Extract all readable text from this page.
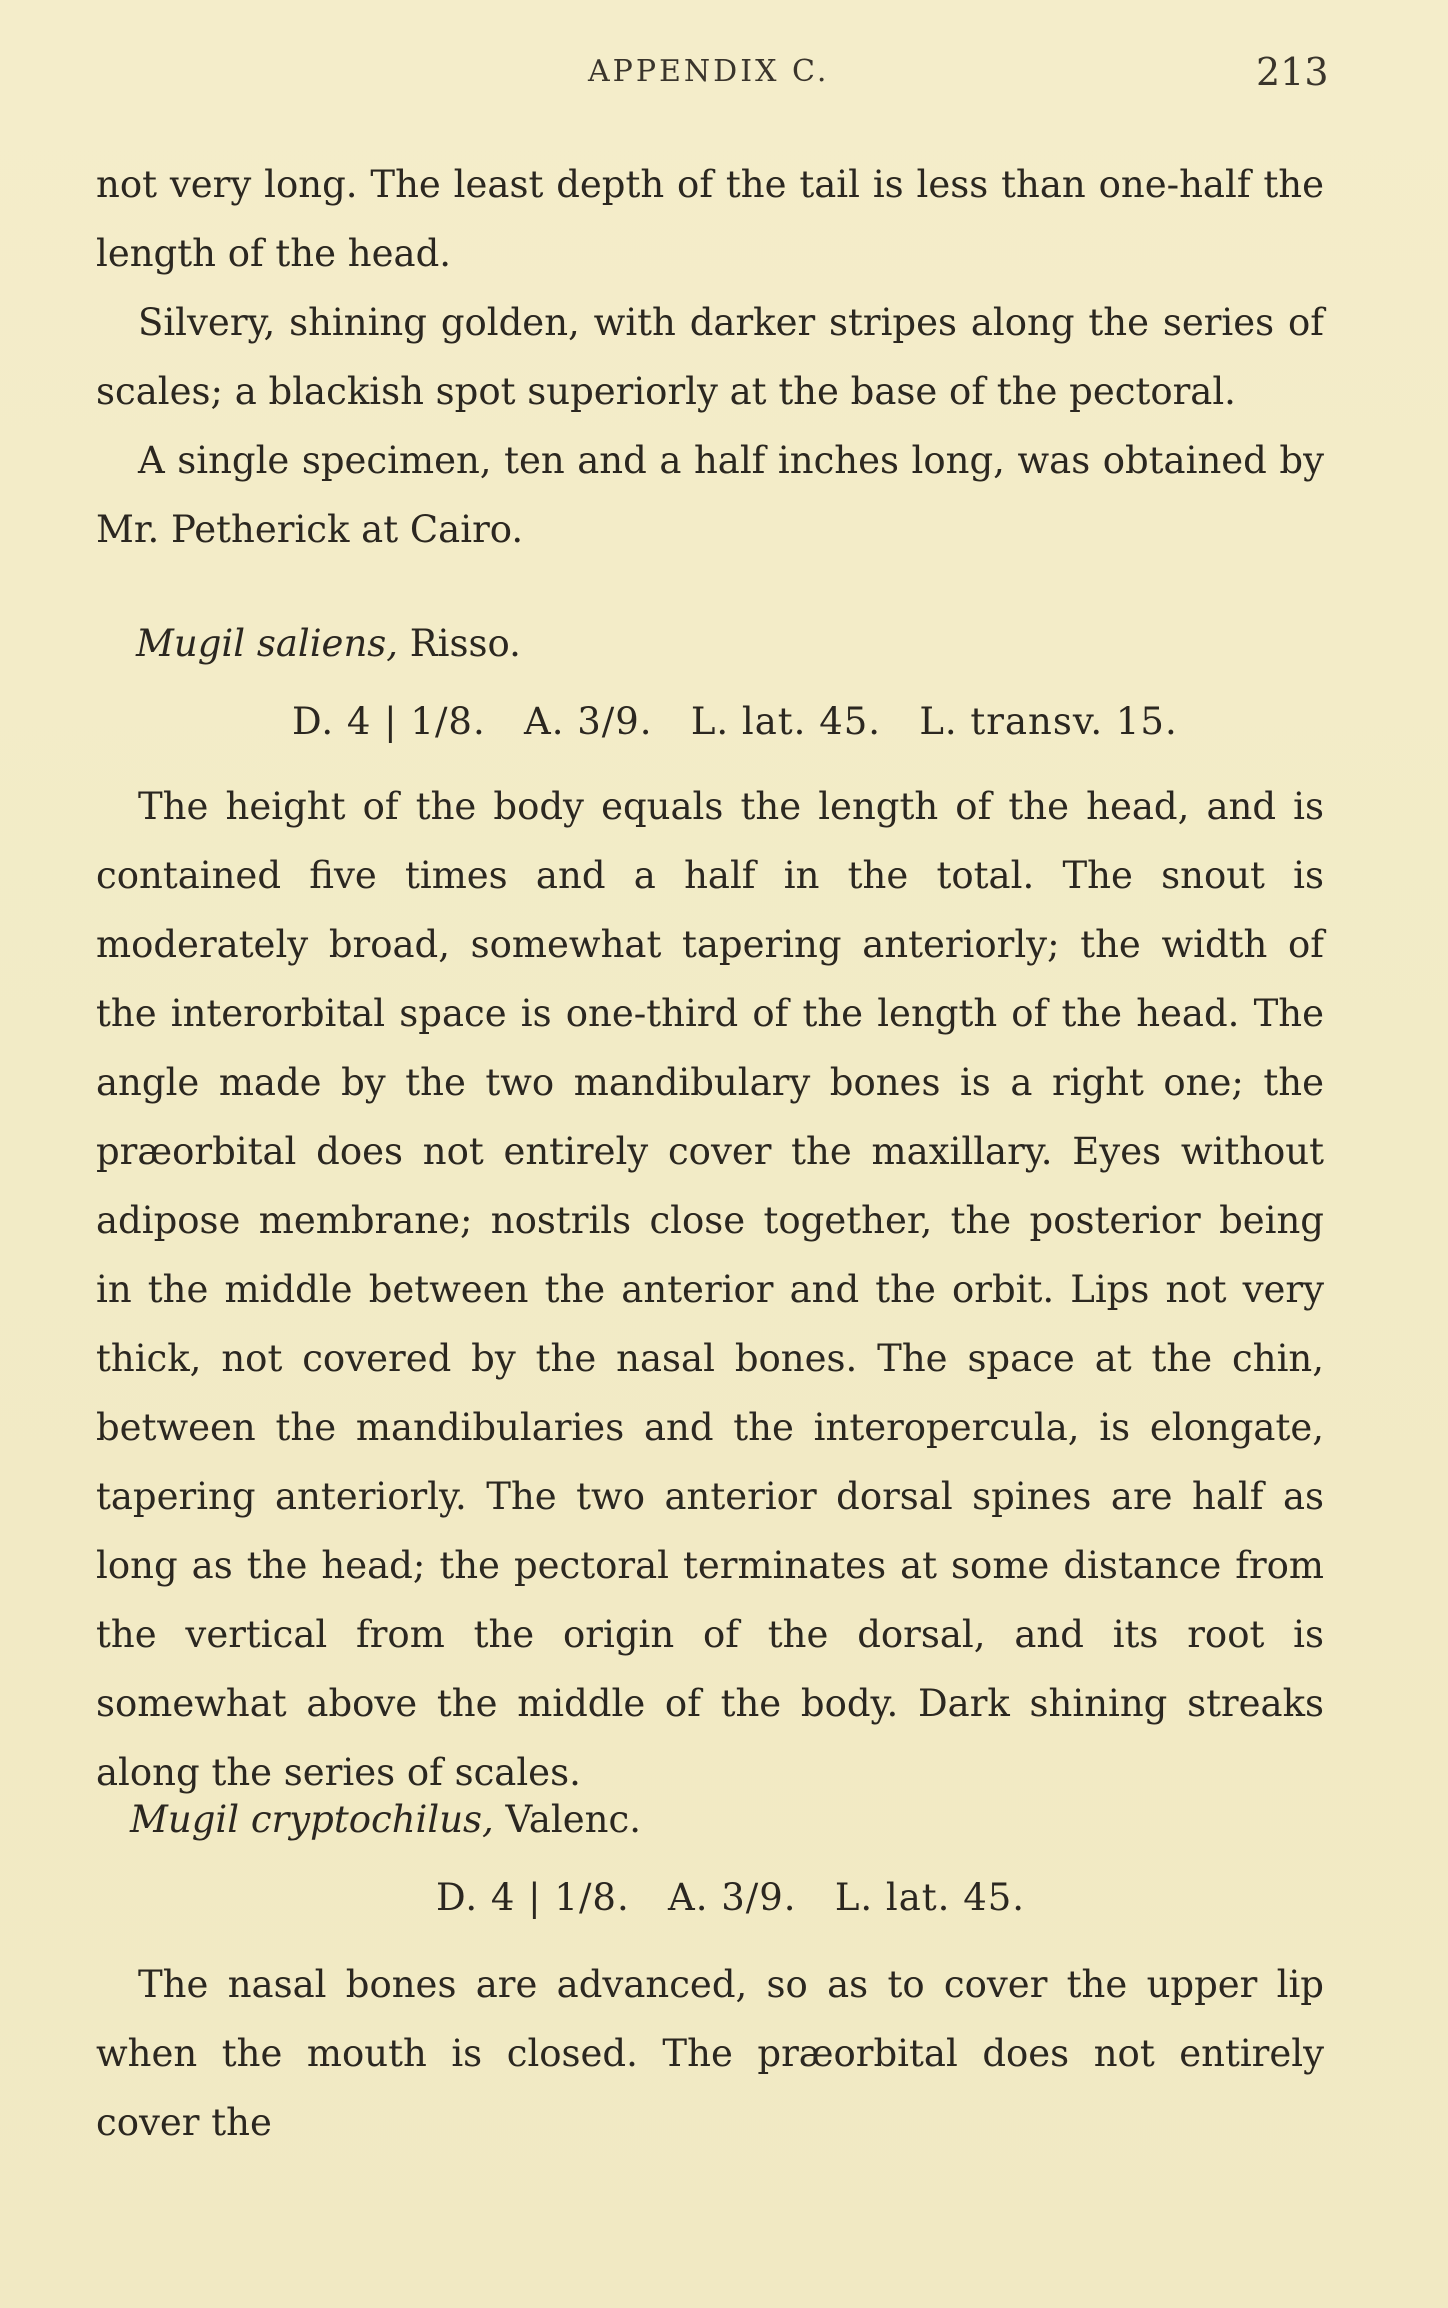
APPENDIX C.	213

not very long. The least depth of the tail is less than one-half the length of the head.

Silvery, shining golden, with darker stripes along the series of scales; a blackish spot superiorly at the base of the pectoral.

A single specimen, ten and a half inches long, was obtained by Mr. Petherick at Cairo.

Mugil saliens, Risso.
D. 4 | 1/8.   A. 3/9.   L. lat. 45.   L. transv. 15.

The height of the body equals the length of the head, and is contained five times and a half in the total. The snout is moderately broad, somewhat tapering anteriorly; the width of the interorbital space is one-third of the length of the head. The angle made by the two mandibulary bones is a right one; the præorbital does not entirely cover the maxillary. Eyes without adipose membrane; nostrils close together, the posterior being in the middle between the anterior and the orbit. Lips not very thick, not covered by the nasal bones. The space at the chin, between the mandibularies and the interopercula, is elongate, tapering anteriorly. The two anterior dorsal spines are half as long as the head; the pectoral terminates at some distance from the vertical from the origin of the dorsal, and its root is somewhat above the middle of the body. Dark shining streaks along the series of scales.

Mugil cryptochilus, Valenc.
D. 4 | 1/8.   A. 3/9.   L. lat. 45.

The nasal bones are advanced, so as to cover the upper lip when the mouth is closed. The præorbital does not entirely cover the
